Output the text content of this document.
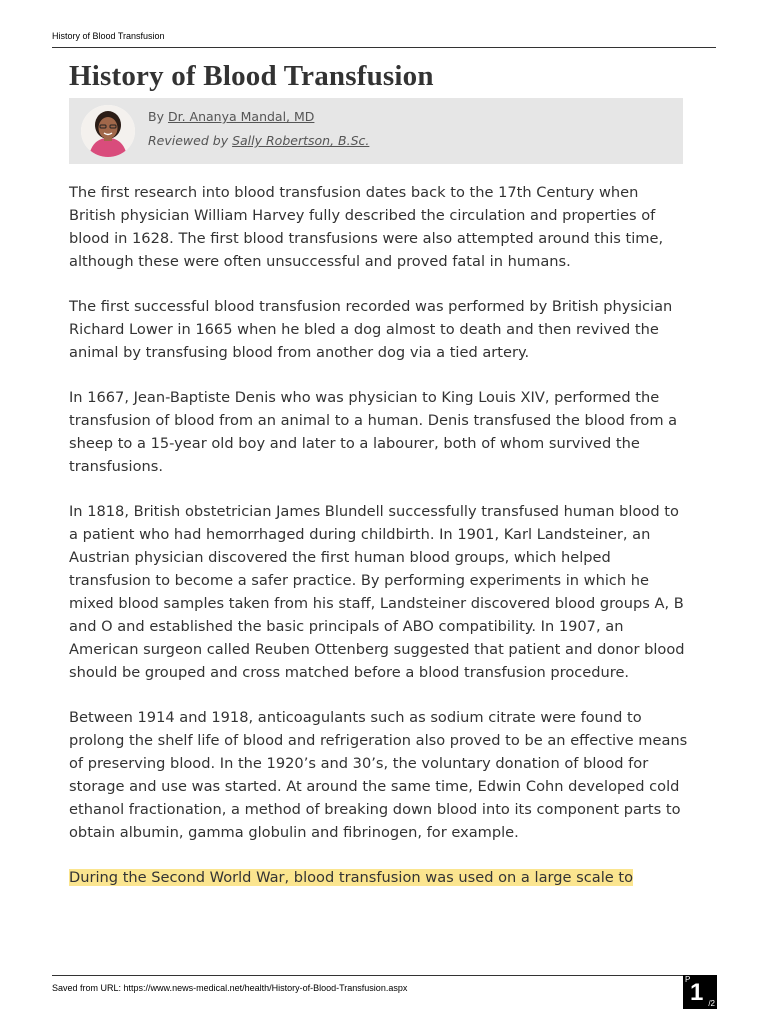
History of Blood Transfusion
History of Blood Transfusion
By Dr. Ananya Mandal, MD
Reviewed by Sally Robertson, B.Sc.

The first research into blood transfusion dates back to the 17th Century when British physician William Harvey fully described the circulation and properties of blood in 1628. The first blood transfusions were also attempted around this time, although these were often unsuccessful and proved fatal in humans.

The first successful blood transfusion recorded was performed by British physician Richard Lower in 1665 when he bled a dog almost to death and then revived the animal by transfusing blood from another dog via a tied artery.

In 1667, Jean-Baptiste Denis who was physician to King Louis XIV, performed the transfusion of blood from an animal to a human. Denis transfused the blood from a sheep to a 15-year old boy and later to a labourer, both of whom survived the transfusions.

In 1818, British obstetrician James Blundell successfully transfused human blood to a patient who had hemorrhaged during childbirth. In 1901, Karl Landsteiner, an Austrian physician discovered the first human blood groups, which helped transfusion to become a safer practice. By performing experiments in which he mixed blood samples taken from his staff, Landsteiner discovered blood groups A, B and O and established the basic principals of ABO compatibility. In 1907, an American surgeon called Reuben Ottenberg suggested that patient and donor blood should be grouped and cross matched before a blood transfusion procedure.

Between 1914 and 1918, anticoagulants such as sodium citrate were found to prolong the shelf life of blood and refrigeration also proved to be an effective means of preserving blood. In the 1920’s and 30’s, the voluntary donation of blood for storage and use was started. At around the same time, Edwin Cohn developed cold ethanol fractionation, a method of breaking down blood into its component parts to obtain albumin, gamma globulin and fibrinogen, for example.

During the Second World War, blood transfusion was used on a large scale to

Saved from URL: https://www.news-medical.net/health/History-of-Blood-Transfusion.aspx
P 1 /2
